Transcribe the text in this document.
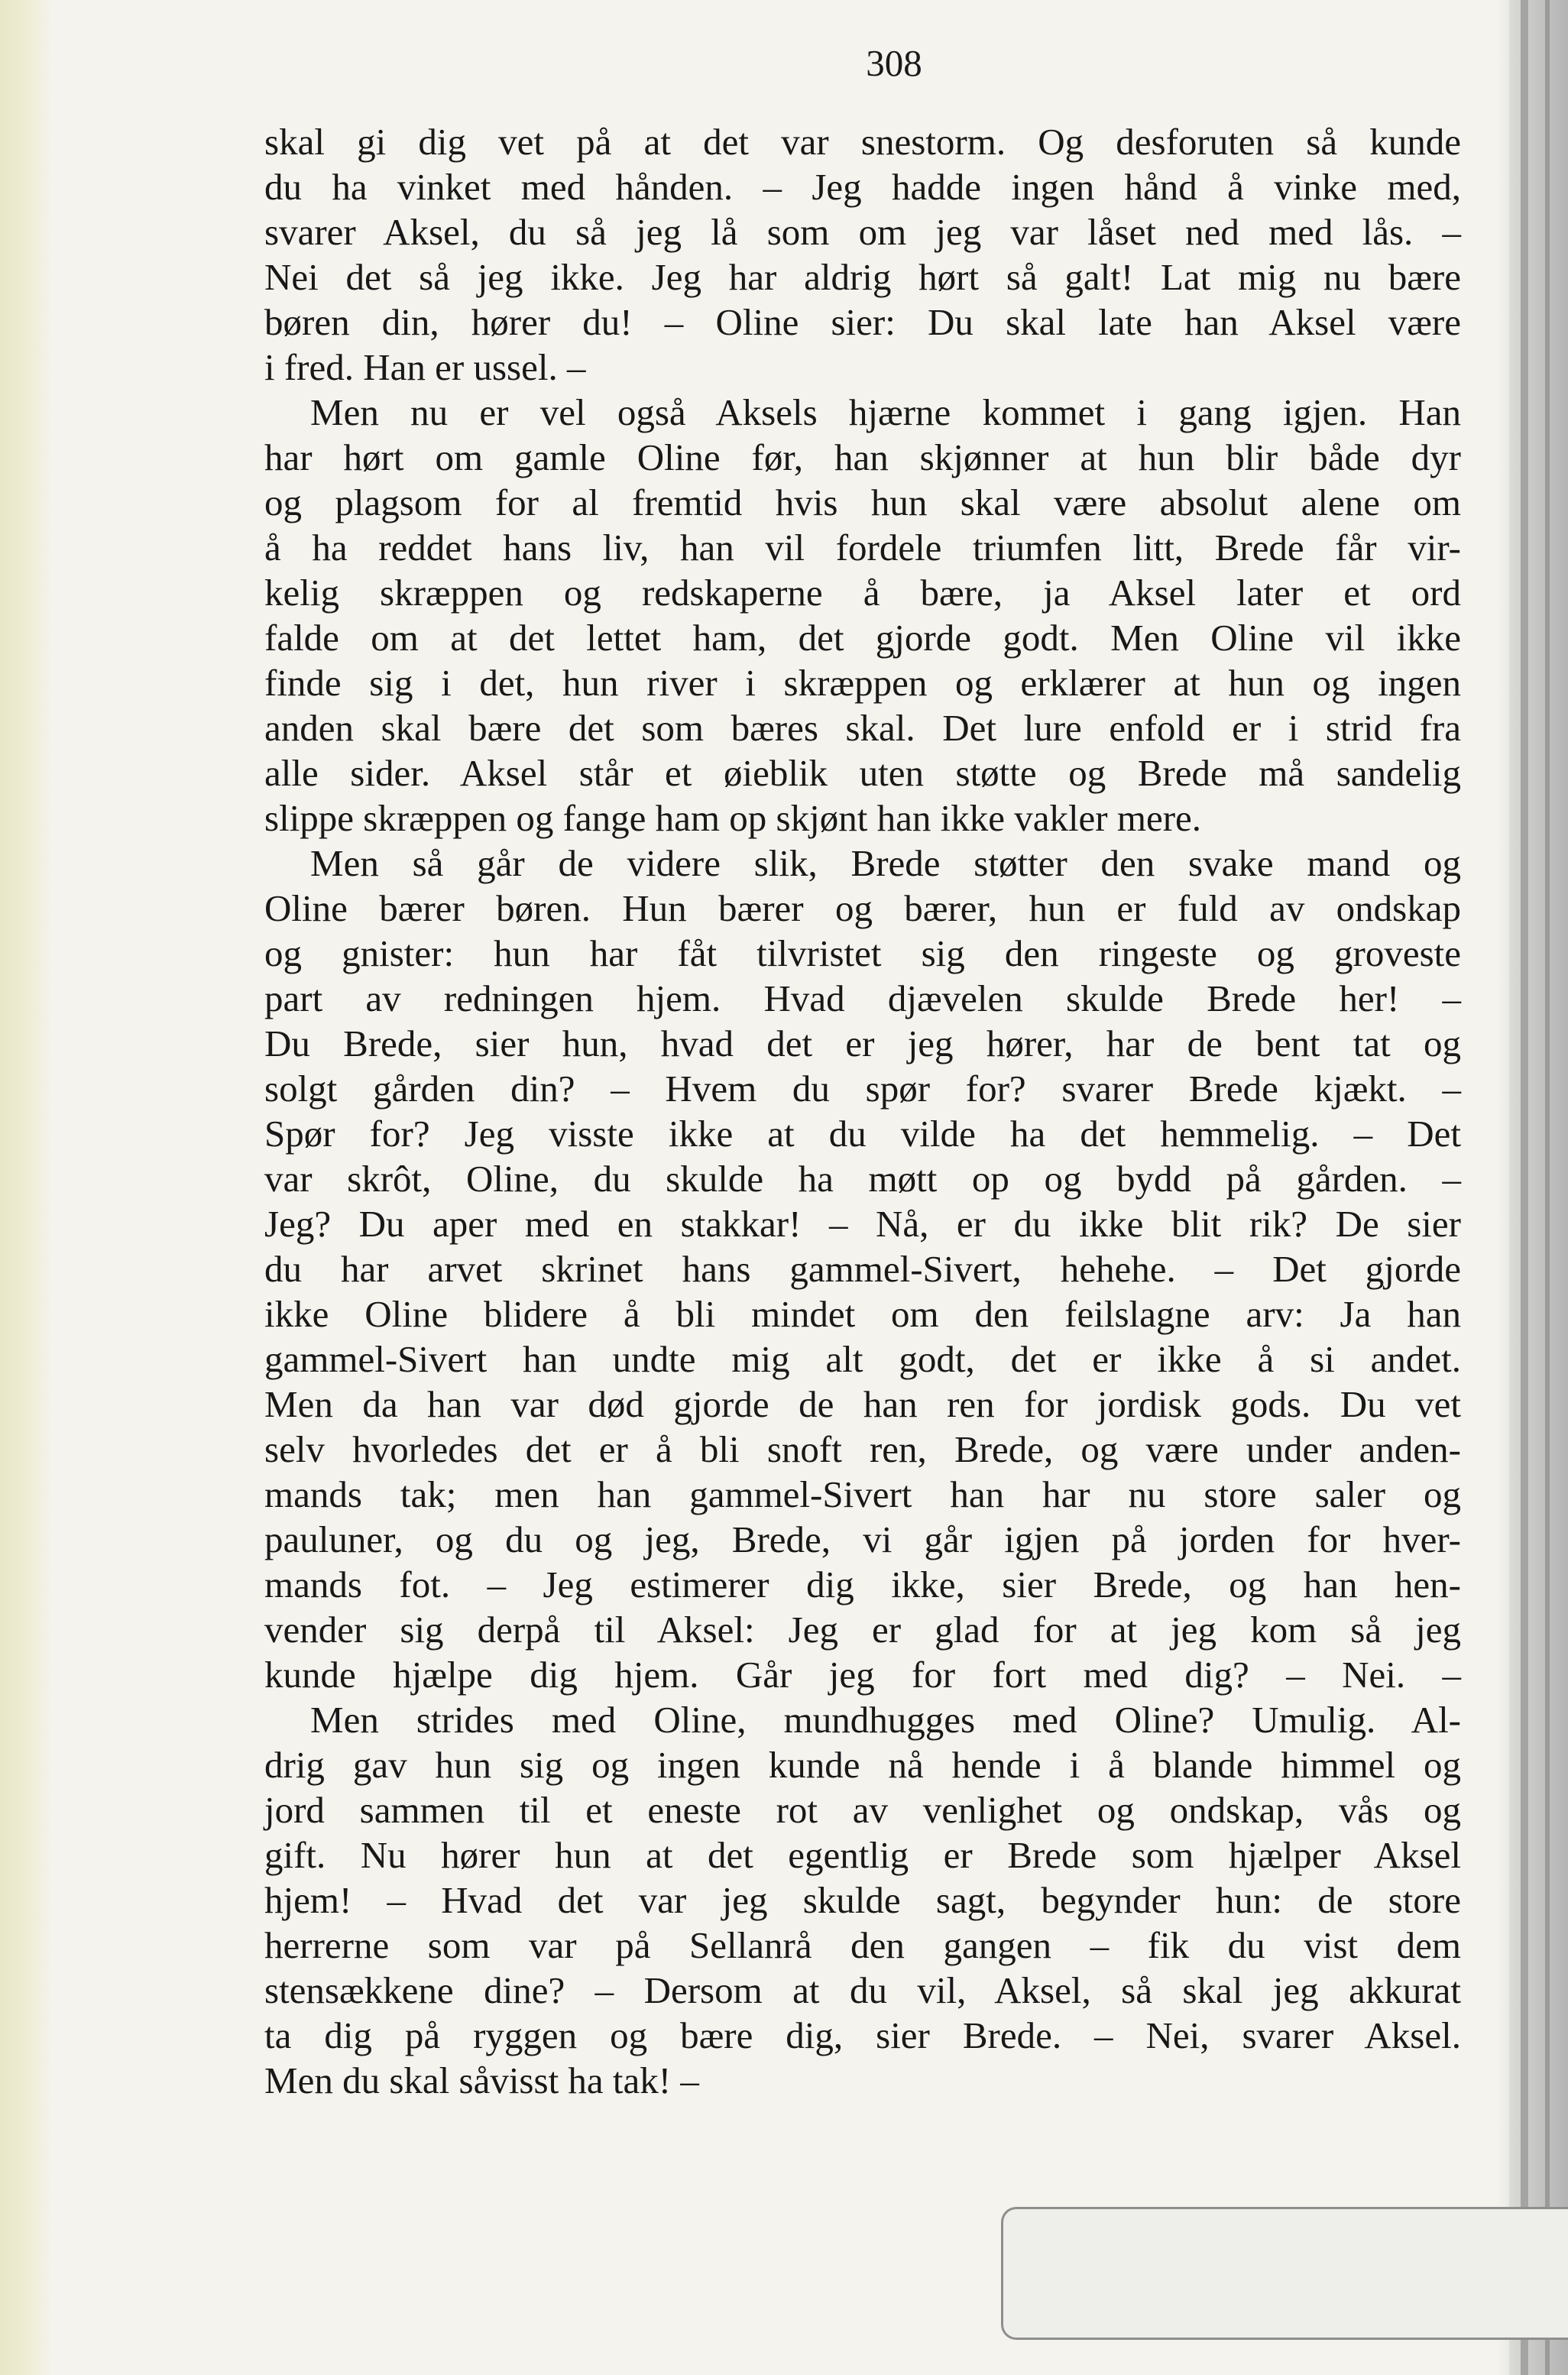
308

skal gi dig vet på at det var snestorm. Og desforuten så kunde
du ha vinket med hånden. – Jeg hadde ingen hånd å vinke med,
svarer Aksel, du så jeg lå som om jeg var låset ned med lås. –
Nei det så jeg ikke. Jeg har aldrig hørt så galt! Lat mig nu bære
børen din, hører du! – Oline sier: Du skal late han Aksel være
i fred. Han er ussel. –
Men nu er vel også Aksels hjærne kommet i gang igjen. Han
har hørt om gamle Oline før, han skjønner at hun blir både dyr
og plagsom for al fremtid hvis hun skal være absolut alene om
å ha reddet hans liv, han vil fordele triumfen litt, Brede får vir-
kelig skræppen og redskaperne å bære, ja Aksel later et ord
falde om at det lettet ham, det gjorde godt. Men Oline vil ikke
finde sig i det, hun river i skræppen og erklærer at hun og ingen
anden skal bære det som bæres skal. Det lure enfold er i strid fra
alle sider. Aksel står et øieblik uten støtte og Brede må sandelig
slippe skræppen og fange ham op skjønt han ikke vakler mere.
Men så går de videre slik, Brede støtter den svake mand og
Oline bærer børen. Hun bærer og bærer, hun er fuld av ondskap
og gnister: hun har fåt tilvristet sig den ringeste og groveste
part av redningen hjem. Hvad djævelen skulde Brede her! –
Du Brede, sier hun, hvad det er jeg hører, har de bent tat og
solgt gården din? – Hvem du spør for? svarer Brede kjækt. –
Spør for? Jeg visste ikke at du vilde ha det hemmelig. – Det
var skrôt, Oline, du skulde ha møtt op og bydd på gården. –
Jeg? Du aper med en stakkar! – Nå, er du ikke blit rik? De sier
du har arvet skrinet hans gammel-Sivert, hehehe. – Det gjorde
ikke Oline blidere å bli mindet om den feilslagne arv: Ja han
gammel-Sivert han undte mig alt godt, det er ikke å si andet.
Men da han var død gjorde de han ren for jordisk gods. Du vet
selv hvorledes det er å bli snoft ren, Brede, og være under anden-
mands tak; men han gammel-Sivert han har nu store saler og
pauluner, og du og jeg, Brede, vi går igjen på jorden for hver-
mands fot. – Jeg estimerer dig ikke, sier Brede, og han hen-
vender sig derpå til Aksel: Jeg er glad for at jeg kom så jeg
kunde hjælpe dig hjem. Går jeg for fort med dig? – Nei. –
Men strides med Oline, mundhugges med Oline? Umulig. Al-
drig gav hun sig og ingen kunde nå hende i å blande himmel og
jord sammen til et eneste rot av venlighet og ondskap, vås og
gift. Nu hører hun at det egentlig er Brede som hjælper Aksel
hjem! – Hvad det var jeg skulde sagt, begynder hun: de store
herrerne som var på Sellanrå den gangen – fik du vist dem
stensækkene dine? – Dersom at du vil, Aksel, så skal jeg akkurat
ta dig på ryggen og bære dig, sier Brede. – Nei, svarer Aksel.
Men du skal såvisst ha tak! –
